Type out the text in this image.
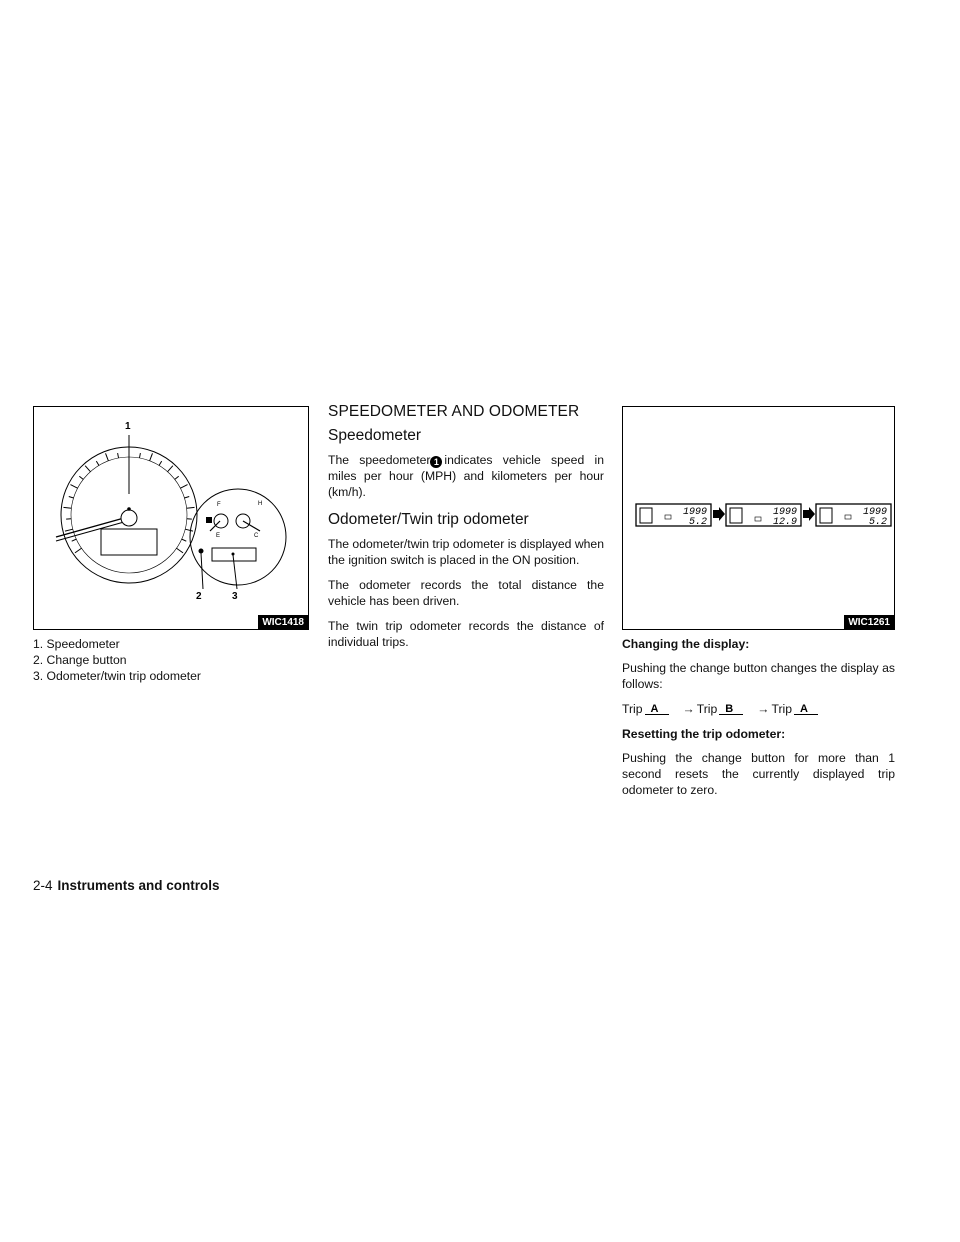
F
E
H
C
1
2	3
WIC1418
1. Speedometer
2. Change button
3. Odometer/twin trip odometer
SPEEDOMETER AND ODOMETER
Speedometer

The speedometer 1 indicates vehicle speed in miles per hour (MPH) and kilometers per hour (km/h).

Odometer/Twin trip odometer

The odometer/twin trip odometer is displayed when the ignition switch is placed in the ON position.

The odometer records the total distance the vehicle has been driven.

The twin trip odometer records the distance of individual trips.

1999
5.2
1999
12.9
1999
5.2
WIC1261
Changing the display:

Pushing the change button changes the display as follows:

Trip A → Trip B → Trip A
Resetting the trip odometer:

Pushing the change button for more than 1 second resets the currently displayed trip odometer to zero.

2-4 Instruments and controls
